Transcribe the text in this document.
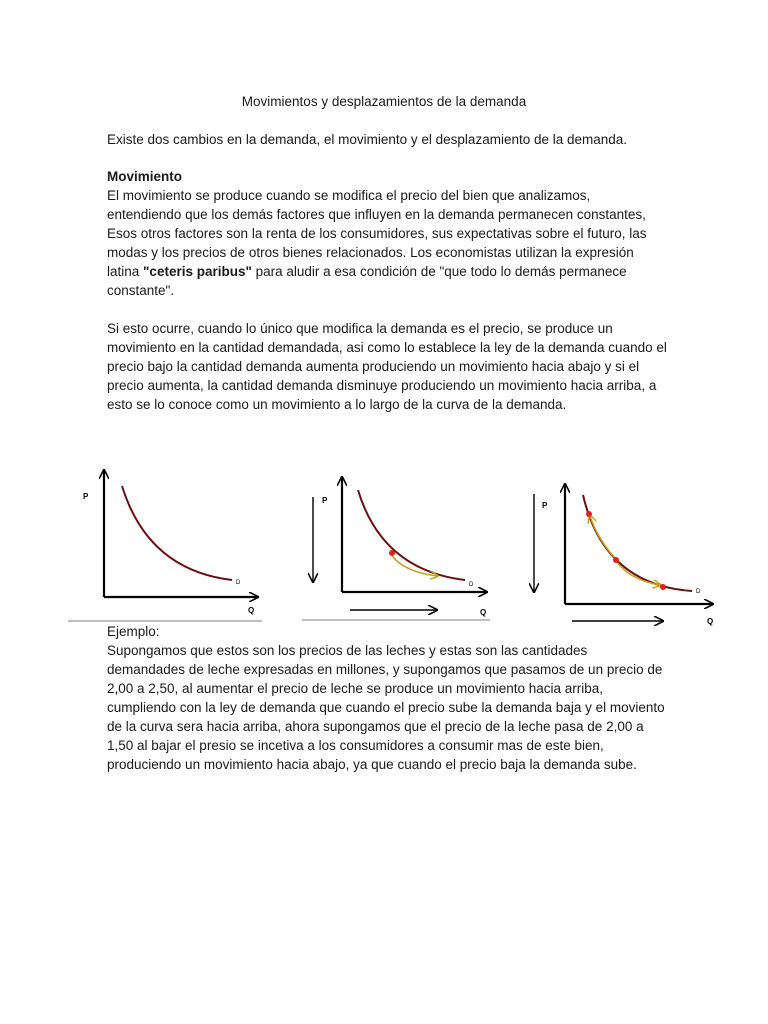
Movimientos y desplazamientos de la demanda

Existe dos cambios en la demanda, el movimiento y el desplazamiento de la demanda.

Movimiento

El movimiento se produce cuando se modifica el precio del bien que analizamos, entendiendo que los demás factores que influyen en la demanda permanecen constantes, Esos otros factores son la renta de los consumidores, sus expectativas sobre el futuro, las modas y los precios de otros bienes relacionados. Los economistas utilizan la expresión latina "ceteris paribus" para aludir a esa condición de "que todo lo demás permanece constante".

Si esto ocurre, cuando lo único que modifica la demanda es el precio, se produce un movimiento en la cantidad demandada, asi como lo establece la ley de la demanda cuando el precio bajo la cantidad demanda aumenta produciendo un movimiento hacia abajo y si el precio aumenta, la cantidad demanda disminuye produciendo un movimiento hacia arriba, a esto se lo conoce como un movimiento a lo largo de la curva de la demanda.

P
Q
D
P
Q
D
P
Q
D

Ejemplo:

Supongamos que estos son los precios de las leches y estas son las cantidades demandades de leche expresadas en millones, y supongamos que pasamos de un precio de 2,00 a 2,50, al aumentar el precio de leche se produce un movimiento hacia arriba, cumpliendo con la ley de demanda que cuando el precio sube la demanda baja y el moviento de la curva sera hacia arriba, ahora supongamos que el precio de la leche pasa de 2,00 a 1,50 al bajar el presio se incetiva a los consumidores a consumir mas de este bien, produciendo un movimiento hacia abajo, ya que cuando el precio baja la demanda sube.
